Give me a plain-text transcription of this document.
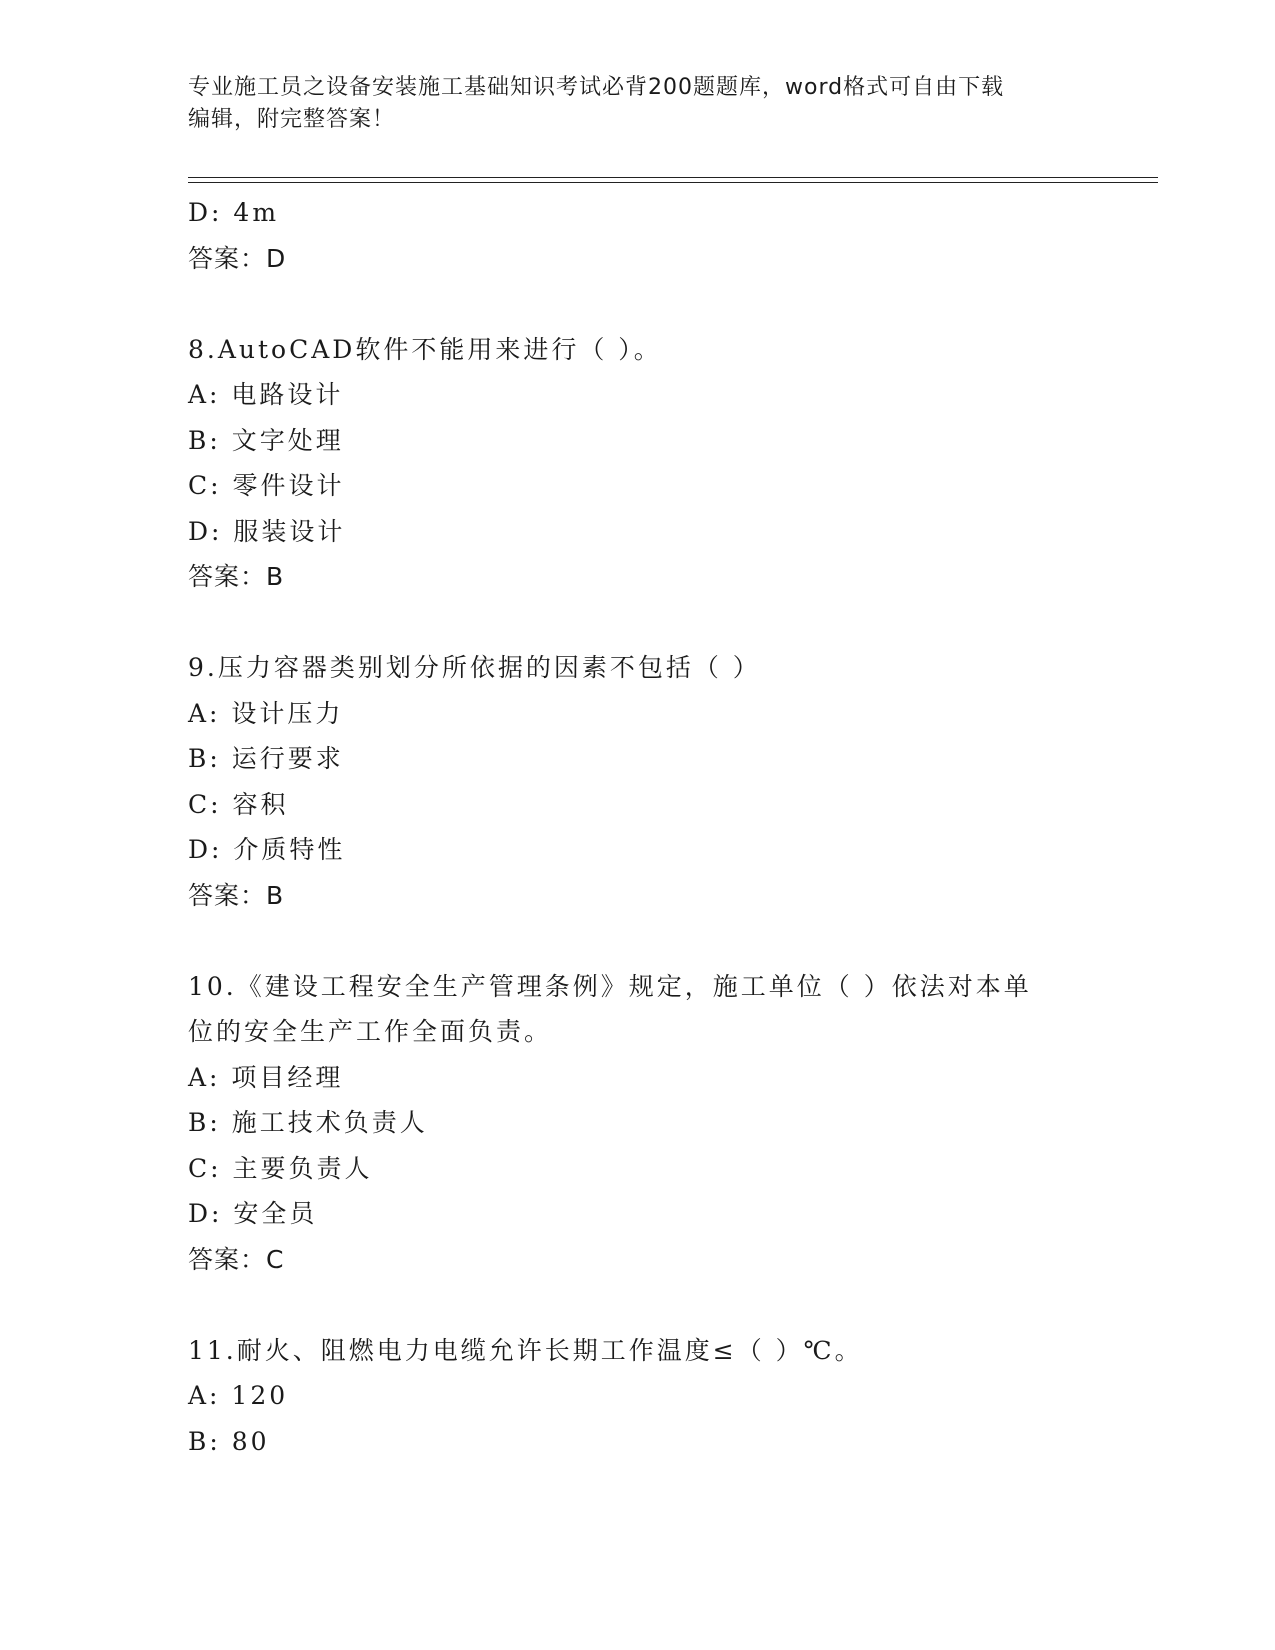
专业施工员之设备安装施工基础知识考试必背200题题库，word格式可自由下载
编辑，附完整答案！
D: 4m
答案：D
8.AutoCAD软件不能用来进行（ ）。
A: 电路设计
B: 文字处理
C: 零件设计
D: 服装设计
答案：B
9.压力容器类别划分所依据的因素不包括（ ）
A: 设计压力
B: 运行要求
C: 容积
D: 介质特性
答案：B
10.《建设工程安全生产管理条例》规定，施工单位（ ）依法对本单
位的安全生产工作全面负责。
A: 项目经理
B: 施工技术负责人
C: 主要负责人
D: 安全员
答案：C
11.耐火、阻燃电力电缆允许长期工作温度≤（ ）℃。
A: 120
B: 80
